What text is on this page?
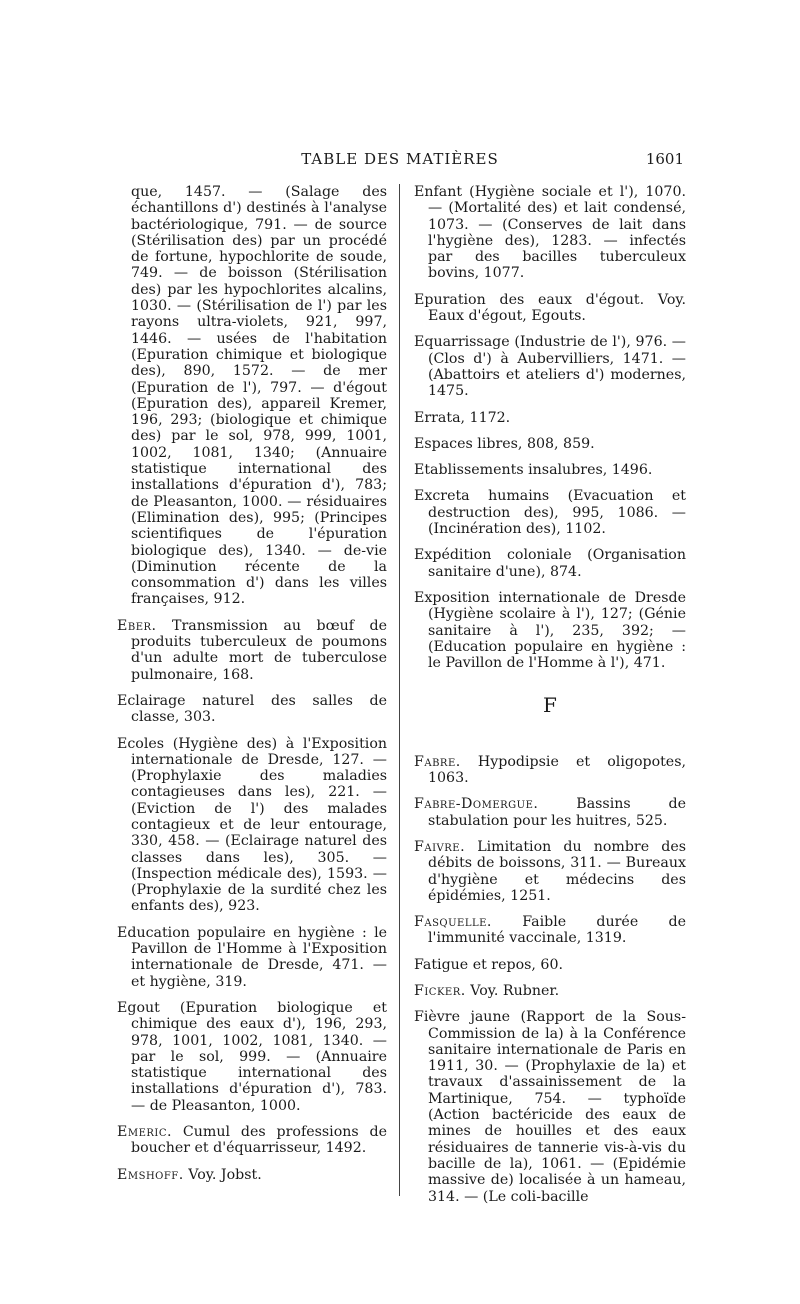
TABLE DES MATIÈRES	1601
que, 1457. — (Salage des échantillons d') destinés à l'analyse bactériologique, 791. — de source (Stérilisation des) par un procédé de fortune, hypochlorite de soude, 749. — de boisson (Stérilisation des) par les hypochlorites alcalins, 1030. — (Stérilisation de l') par les rayons ultra-violets, 921, 997, 1446. — usées de l'habitation (Epuration chimique et biologique des), 890, 1572. — de mer (Epuration de l'), 797. — d'égout (Epuration des), appareil Kremer, 196, 293; (biologique et chimique des) par le sol, 978, 999, 1001, 1002, 1081, 1340; (Annuaire statistique international des installations d'épuration d'), 783; de Pleasanton, 1000. — résiduaires (Elimination des), 995; (Principes scientifiques de l'épuration biologique des), 1340. — de-vie (Diminution récente de la consommation d') dans les villes françaises, 912.
Eber. Transmission au bœuf de produits tuberculeux de poumons d'un adulte mort de tuberculose pulmonaire, 168.
Eclairage naturel des salles de classe, 303.
Ecoles (Hygiène des) à l'Exposition internationale de Dresde, 127. — (Prophylaxie des maladies contagieuses dans les), 221. — (Eviction de l') des malades contagieux et de leur entourage, 330, 458. — (Eclairage naturel des classes dans les), 305. — (Inspection médicale des), 1593. — (Prophylaxie de la surdité chez les enfants des), 923.
Education populaire en hygiène : le Pavillon de l'Homme à l'Exposition internationale de Dresde, 471. — et hygiène, 319.
Egout (Epuration biologique et chimique des eaux d'), 196, 293, 978, 1001, 1002, 1081, 1340. — par le sol, 999. — (Annuaire statistique international des installations d'épuration d'), 783. — de Pleasanton, 1000.
Emeric. Cumul des professions de boucher et d'équarrisseur, 1492.
Emshoff. Voy. Jobst.
Enfant (Hygiène sociale et l'), 1070. — (Mortalité des) et lait condensé, 1073. — (Conserves de lait dans l'hygiène des), 1283. — infectés par des bacilles tuberculeux bovins, 1077.
Epuration des eaux d'égout. Voy. Eaux d'égout, Egouts.
Equarrissage (Industrie de l'), 976. — (Clos d') à Aubervilliers, 1471. — (Abattoirs et ateliers d') modernes, 1475.
Errata, 1172.
Espaces libres, 808, 859.
Etablissements insalubres, 1496.
Excreta humains (Evacuation et destruction des), 995, 1086. — (Incinération des), 1102.
Expédition coloniale (Organisation sanitaire d'une), 874.
Exposition internationale de Dresde (Hygiène scolaire à l'), 127; (Génie sanitaire à l'), 235, 392; — (Education populaire en hygiène : le Pavillon de l'Homme à l'), 471.
F
Fabre. Hypodipsie et oligopotes, 1063.
Fabre-Domergue.	Bassins de stabulation pour les huitres, 525.
Faivre. Limitation du nombre des débits de boissons, 311. — Bureaux d'hygiène et médecins des épidémies, 1251.
Fasquelle. Faible durée de l'immunité vaccinale, 1319.
Fatigue et repos, 60.
Ficker. Voy. Rubner.
Fièvre jaune (Rapport de la Sous-Commission de la) à la Conférence sanitaire internationale de Paris en 1911, 30. — (Prophylaxie de la) et travaux d'assainissement de la Martinique, 754. — typhoïde (Action bactéricide des eaux de mines de houilles et des eaux résiduaires de tannerie vis-à-vis du bacille de la), 1061. — (Epidémie massive de) localisée à un hameau, 314. — (Le coli-bacille
